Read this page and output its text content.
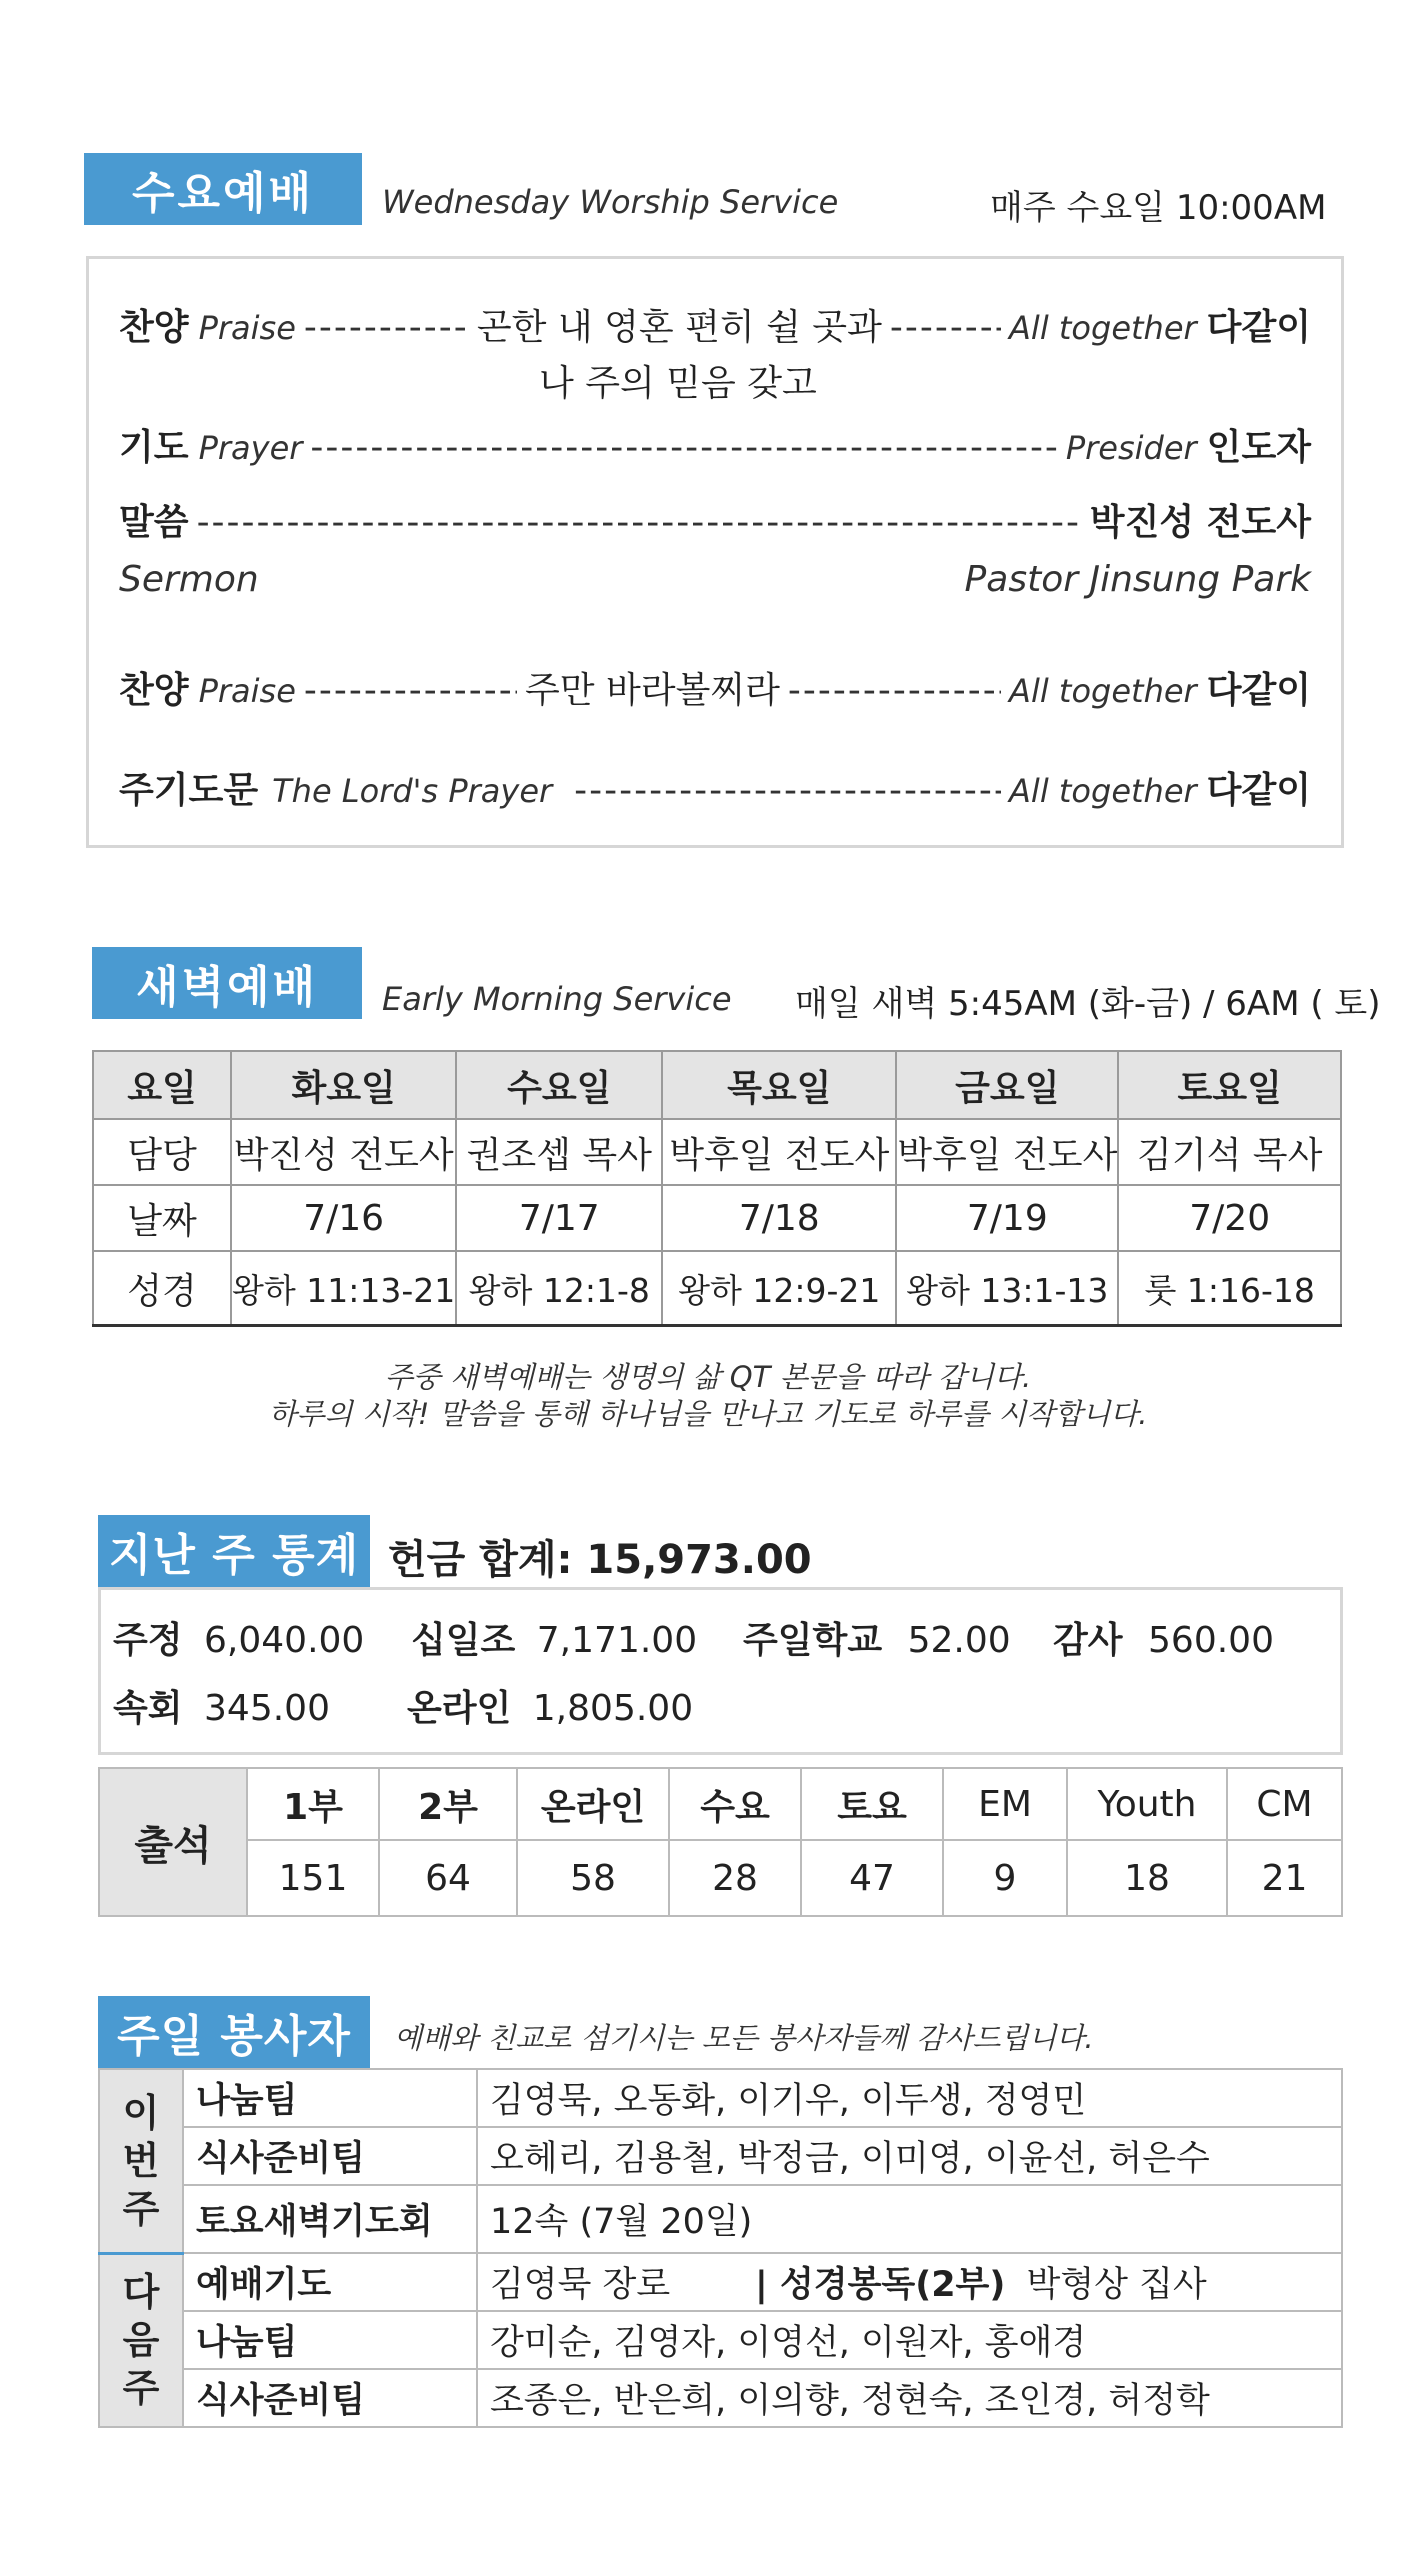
수요예배	Wednesday Worship Service	매주 수요일 10:00AM
찬양 Praise -----	곤한 내 영혼 편히 쉴 곳과 -----	All together 다같이
나 주의 믿음 갖고
기도 Prayer -----	Presider 인도자
말씀 -----	박진성 전도사
Sermon	Pastor Jinsung Park
찬양 Praise -----	주만 바라볼찌라 -----	All together 다같이
주기도문 The Lord's Prayer -----	All together 다같이
새벽예배	Early Morning Service 매일 새벽 5:45AM (화-금) / 6AM ( 토)
요일	화요일	수요일	목요일	금요일	토요일
담당	박진성 전도사	권조셉 목사	박후일 전도사	박후일 전도사	김기석 목사
날짜	7/16	7/17	7/18	7/19	7/20
성경	왕하 11:13-21	왕하 12:1-8	왕하 12:9-21	왕하 13:1-13	룻 1:16-18
주중 새벽예배는 생명의 삶 QT 본문을 따라 갑니다.
하루의 시작! 말씀을 통해 하나님을 만나고 기도로 하루를 시작합니다.
지난 주 통계 헌금 합계: 15,973.00
주정 6,040.00 십일조 7,171.00 주일학교 52.00 감사 560.00
속회 345.00 온라인 1,805.00
출석	1부	2부	온라인	수요	토요	EM	Youth	CM
	151	64	58	28	47	9	18	21
주일 봉사자	예배와 친교로 섬기시는 모든 봉사자들께 감사드립니다.
이
번
주	나눔팀	김영묵, 오동화, 이기우, 이두생, 정영민
	식사준비팀	오헤리, 김용철, 박정금, 이미영, 이윤선, 허은수
	토요새벽기도회	12속 (7월 20일)

다
음
주	예배기도	김영묵 장로 | 성경봉독(2부) 박형상 집사
	나눔팀	강미순, 김영자, 이영선, 이원자, 홍애경
	식사준비팀	조종은, 반은희, 이의향, 정현숙, 조인경, 허정학
